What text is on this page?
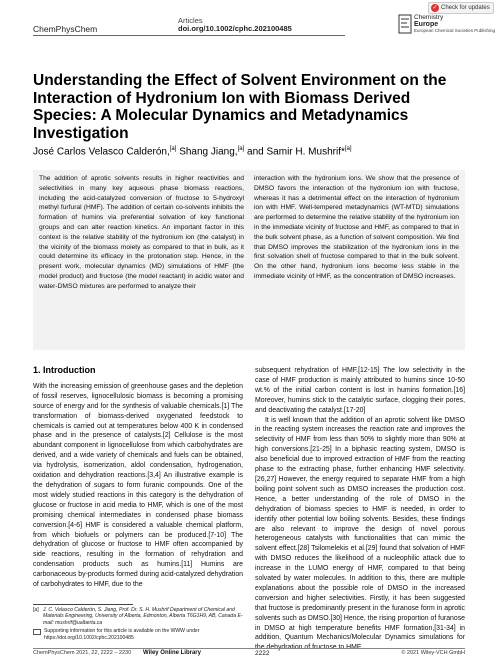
ChemPhysChem
Articles
doi.org/10.1002/cphc.202100485
✓ Check for updates
Chemistry
Europe
European Chemical Societies Publishing
Understanding the Effect of Solvent Environment on the Interaction of Hydronium Ion with Biomass Derived Species: A Molecular Dynamics and Metadynamics Investigation
José Carlos Velasco Calderón,[a] Shang Jiang,[a] and Samir H. Mushrif*[a]

The addition of aprotic solvents results in higher reactivities and selectivities in many key aqueous phase biomass reactions, including the acid-catalyzed conversion of fructose to 5-hydroxyl methyl furfural (HMF). The addition of certain co-solvents inhibits the formation of humins via preferential solvation of key functional groups and can alter reaction kinetics. An important factor in this context is the relative stability of the hydronium ion (the catalyst) in the vicinity of the biomass moiety as compared to that in bulk, as it could determine its efficacy in the protonation step. Hence, in the present work, molecular dynamics (MD) simulations of HMF (the model product) and fructose (the model reactant) in acidic water and water-DMSO mixtures are performed to analyze their

interaction with the hydronium ions. We show that the presence of DMSO favors the interaction of the hydronium ion with fructose, whereas it has a detrimental effect on the interaction of hydronium ion with HMF. Well-tempered metadynamics (WT-MTD) simulations are performed to determine the relative stability of the hydronium ion in the immediate vicinity of fructose and HMF, as compared to that in the bulk solvent phase, as a function of solvent composition. We find that DMSO improves the stabilization of the hydronium ions in the first solvation shell of fructose compared to that in the bulk solvent. On the other hand, hydronium ions become less stable in the immediate vicinity of HMF, as the concentration of DMSO increases.

1. Introduction

With the increasing emission of greenhouse gases and the depletion of fossil reserves, lignocellulosic biomass is becoming a promising source of energy and for the synthesis of valuable chemicals.[1] The transformation of biomass-derived oxygenated feedstock to chemicals is carried out at temperatures below 400 K in condensed phase and in the presence of catalysts.[2] Cellulose is the most abundant component in lignocellulose from which carbohydrates are derived, and a wide variety of chemicals and fuels can be obtained, via hydrolysis, isomerization, aldol condensation, hydrogenation, oxidation and dehydration reactions.[3,4] An illustrative example is the dehydration of sugars to form furanic compounds. One of the most widely studied reactions in this category is the dehydration of glucose or fructose in acid media to HMF, which is one of the most promising chemical intermediates in condensed phase biomass conversion.[4-6] HMF is considered a valuable chemical platform, from which biofuels or polymers can be produced.[7-10] The dehydration of glucose or fructose to HMF often accompanied by side reactions, resulting in the formation of rehydration and condensation products such as humins.[11] Humins are carbonaceous by-products formed during acid-catalyzed dehydration of carbohydrates to HMF, due to the

subsequent rehydration of HMF.[12-15] The low selectivity in the case of HMF production is mainly attributed to humins since 10-50 wt.% of the initial carbon content is lost in humins formation.[16] Moreover, humins stick to the catalytic surface, clogging their pores, and deactivating the catalyst.[17-20]

It is well known that the addition of an aprotic solvent like DMSO in the reacting system increases the reaction rate and improves the selectivity of HMF from less than 50% to slightly more than 90% at high conversions.[21-25] In a biphasic reacting system, DMSO is also beneficial due to improved extraction of HMF from the reacting phase to the extracting phase, further enhancing HMF selectivity.[26,27] However, the energy required to separate HMF from a high boiling point solvent such as DMSO increases the production cost. Hence, a better understanding of the role of DMSO in the dehydration of biomass species to HMF is needed, in order to identify other potential low boiling solvents. Besides, these findings are also relevant to improve the design of novel porous heterogeneous catalysts with functionalities that can mimic the solvent effect.[28] Tsilomelekis et al.[29] found that solvation of HMF with DMSO reduces the likelihood of a nucleophilic attack due to increase in the LUMO energy of HMF, compared to that being solvated by water molecules. In addition to this, there are multiple explanations about the possible role of DMSO in the increased conversion and higher selectivities. Firstly, it has been suggested that fructose is predominantly present in the furanose form in aprotic solvents such as DMSO.[30] Hence, the rising proportion of furanose in DMSO at high temperature benefits HMF formation,[31-34] in addition, Quantum Mechanics/Molecular Dynamics simulations for

[a] J. C. Velasco Calderón, S. Jiang, Prof. Dr. S. H. Mushrif Department of Chemical and Materials Engineering, University of Alberta, Edmonton, Alberta T6G1H9, AB, Canada E-mail: mushrif@ualberta.ca
Supporting information for this article is available on the WWW under https://doi.org/10.1002/cphc.202100485
ChemPhysChem 2021, 22, 2222 – 2230 Wiley Online Library	2222	© 2021 Wiley-VCH GmbH
